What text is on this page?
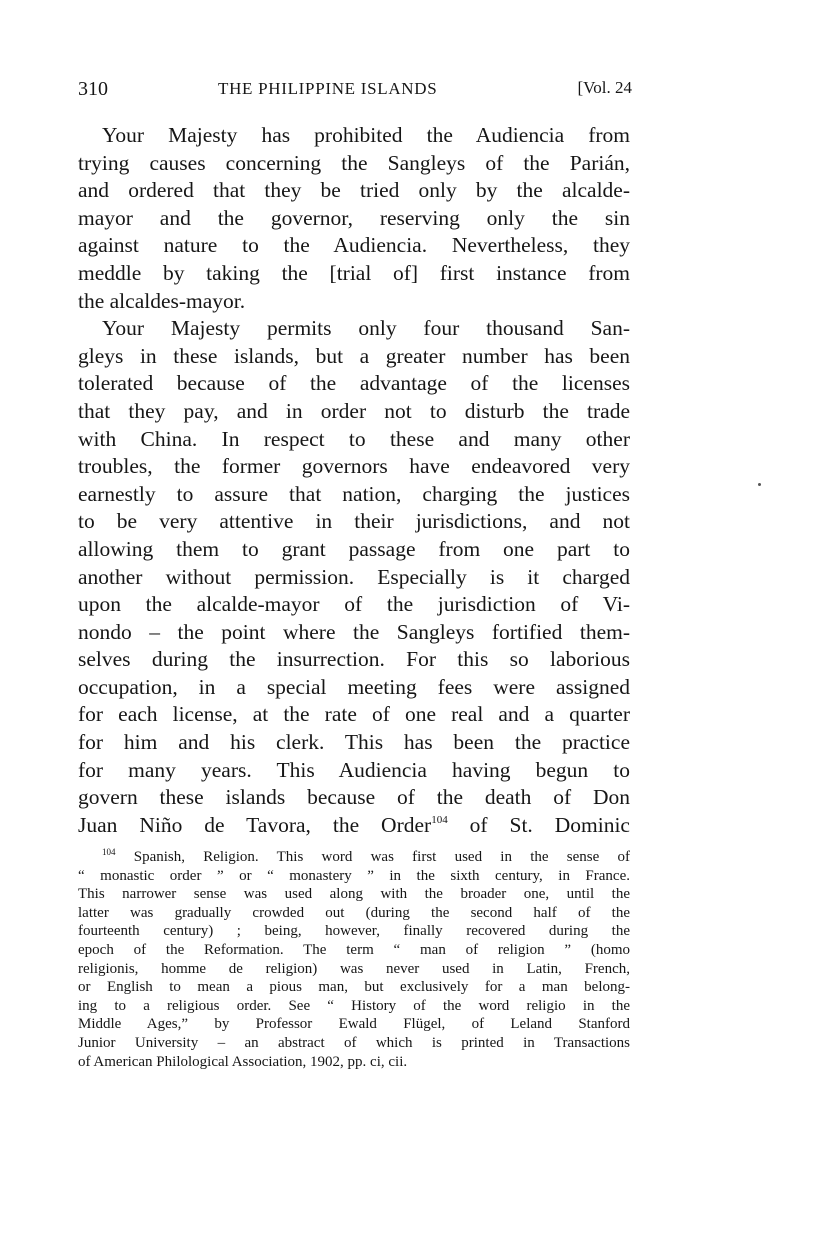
310	THE PHILIPPINE ISLANDS	[Vol. 24
Your Majesty has prohibited the Audiencia from
trying causes concerning the Sangleys of the Parián,
and ordered that they be tried only by the alcalde-
mayor and the governor, reserving only the sin
against nature to the Audiencia. Nevertheless, they
meddle by taking the [trial of] first instance from
the alcaldes-mayor.
Your Majesty permits only four thousand San-
gleys in these islands, but a greater number has been
tolerated because of the advantage of the licenses
that they pay, and in order not to disturb the trade
with China. In respect to these and many other
troubles, the former governors have endeavored very
earnestly to assure that nation, charging the justices
to be very attentive in their jurisdictions, and not
allowing them to grant passage from one part to
another without permission. Especially is it charged
upon the alcalde-mayor of the jurisdiction of Vi-
nondo – the point where the Sangleys fortified them-
selves during the insurrection. For this so laborious
occupation, in a special meeting fees were assigned
for each license, at the rate of one real and a quarter
for him and his clerk. This has been the practice
for many years. This Audiencia having begun to
govern these islands because of the death of Don
Juan Niño de Tavora, the Order$^{104}$ of St. Dominic
$^{104}$ Spanish, Religion. This word was first used in the sense of
“ monastic order ” or “ monastery ” in the sixth century, in France.
This narrower sense was used along with the broader one, until the
latter was gradually crowded out (during the second half of the
fourteenth century) ; being, however, finally recovered during the
epoch of the Reformation. The term “ man of religion ” (homo
religionis, homme de religion) was never used in Latin, French,
or English to mean a pious man, but exclusively for a man belong-
ing to a religious order. See “ History of the word religio in the
Middle Ages,” by Professor Ewald Flügel, of Leland Stanford
Junior University – an abstract of which is printed in Transactions
of American Philological Association, 1902, pp. ci, cii.
